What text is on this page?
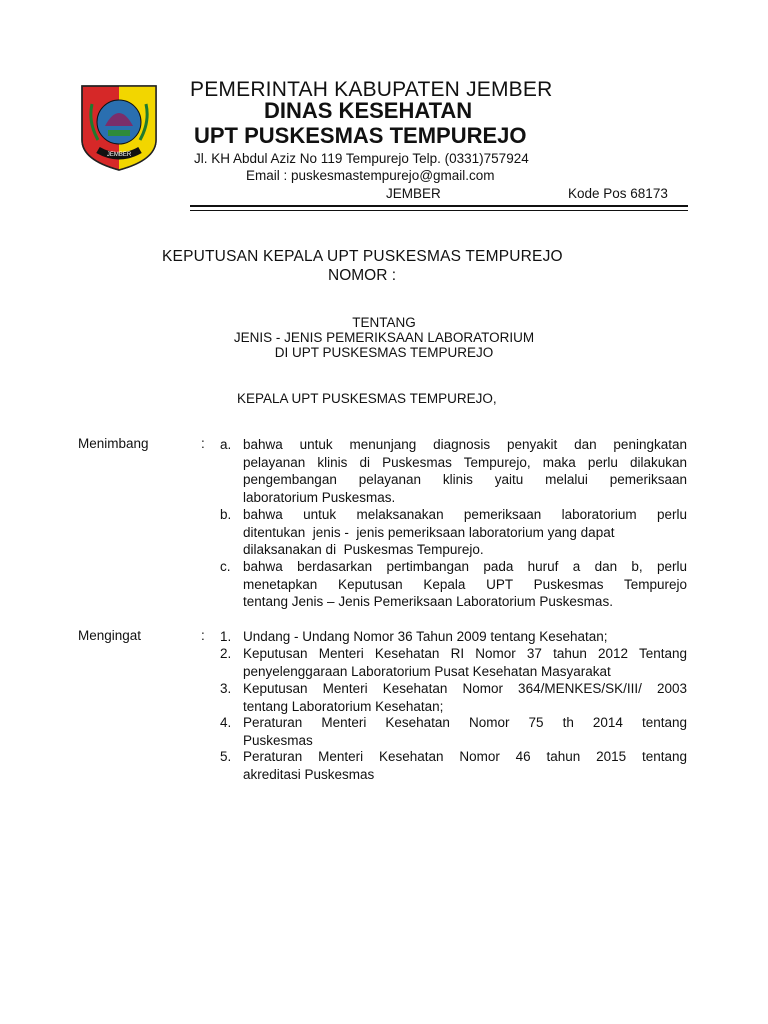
JEMBER
PEMERINTAH KABUPATEN JEMBER
DINAS KESEHATAN
UPT PUSKESMAS TEMPUREJO
Jl. KH Abdul Aziz No 119 Tempurejo Telp. (0331)757924
Email : puskesmastempurejo@gmail.com
JEMBER	Kode Pos 68173
KEPUTUSAN KEPALA UPT PUSKESMAS TEMPUREJO
NOMOR :
TENTANG
JENIS - JENIS PEMERIKSAAN LABORATORIUM
DI UPT PUSKESMAS TEMPUREJO
KEPALA UPT PUSKESMAS TEMPUREJO,
Menimbang	: a. bahwa untuk menunjang diagnosis penyakit dan peningkatan
pelayanan klinis di Puskesmas Tempurejo, maka perlu dilakukan
pengembangan pelayanan klinis yaitu melalui pemeriksaan
laboratorium Puskesmas.
b. bahwa untuk melaksanakan pemeriksaan laboratorium perlu
ditentukan  jenis -  jenis pemeriksaan laboratorium yang dapat
dilaksanakan di  Puskesmas Tempurejo.
c. bahwa berdasarkan pertimbangan pada huruf a dan b, perlu
menetapkan Keputusan Kepala UPT Puskesmas Tempurejo
tentang Jenis – Jenis Pemeriksaan Laboratorium Puskesmas.
Mengingat	: 1. Undang - Undang Nomor 36 Tahun 2009 tentang Kesehatan;
2. Keputusan Menteri Kesehatan RI Nomor 37 tahun 2012 Tentang
penyelenggaraan Laboratorium Pusat Kesehatan Masyarakat
3. Keputusan Menteri Kesehatan Nomor 364/MENKES/SK/III/ 2003
tentang Laboratorium Kesehatan;
4. Peraturan Menteri Kesehatan Nomor 75 th 2014 tentang
Puskesmas
5. Peraturan Menteri Kesehatan Nomor 46 tahun 2015 tentang
akreditasi Puskesmas
